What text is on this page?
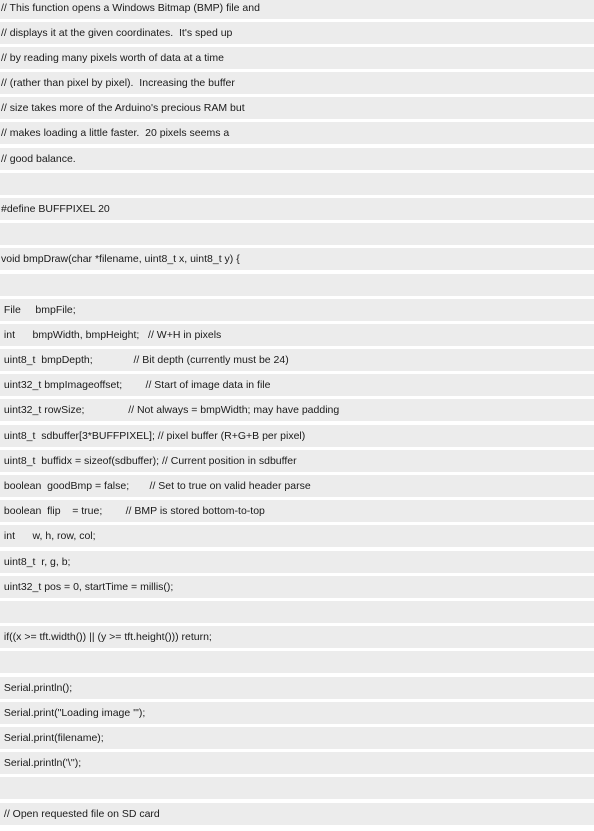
// This function opens a Windows Bitmap (BMP) file and
// displays it at the given coordinates.  It's sped up
// by reading many pixels worth of data at a time
// (rather than pixel by pixel).  Increasing the buffer
// size takes more of the Arduino's precious RAM but
// makes loading a little faster.  20 pixels seems a
// good balance.
#define BUFFPIXEL 20
void bmpDraw(char *filename, uint8_t x, uint8_t y) {
File     bmpFile;
int      bmpWidth, bmpHeight;   // W+H in pixels
uint8_t  bmpDepth;              // Bit depth (currently must be 24)
uint32_t bmpImageoffset;        // Start of image data in file
uint32_t rowSize;               // Not always = bmpWidth; may have padding
uint8_t  sdbuffer[3*BUFFPIXEL]; // pixel buffer (R+G+B per pixel)
uint8_t  buffidx = sizeof(sdbuffer); // Current position in sdbuffer
boolean  goodBmp = false;       // Set to true on valid header parse
boolean  flip    = true;        // BMP is stored bottom-to-top
int      w, h, row, col;
uint8_t  r, g, b;
uint32_t pos = 0, startTime = millis();
if((x >= tft.width()) || (y >= tft.height())) return;
Serial.println();
Serial.print("Loading image '");
Serial.print(filename);
Serial.println('\'');
// Open requested file on SD card
